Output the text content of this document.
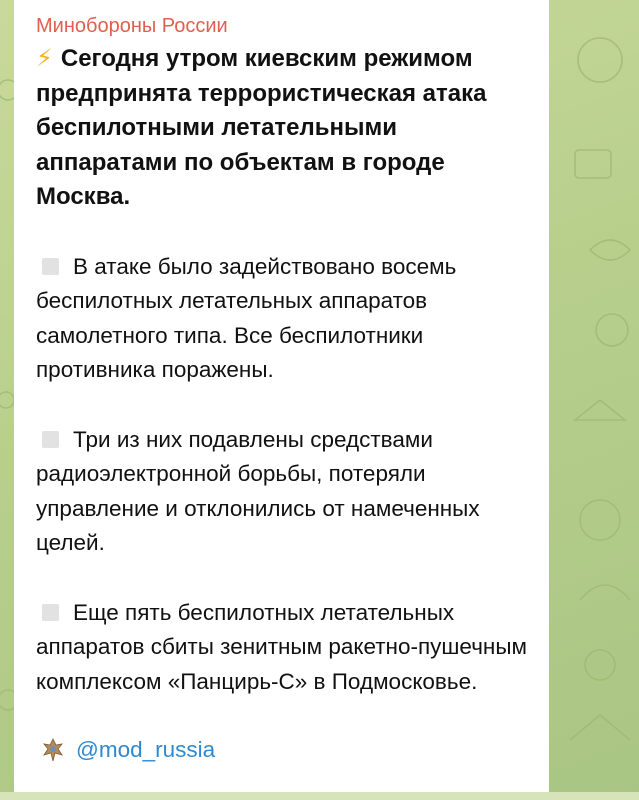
Минобороны России

⚡ Сегодня утром киевским режимом предпринята террористическая атака беспилотными летательными аппаратами по объектам в городе Москва.

В атаке было задействовано восемь беспилотных летательных аппаратов самолетного типа. Все беспилотники противника поражены.

Три из них подавлены средствами радиоэлектронной борьбы, потеряли управление и отклонились от намеченных целей.

Еще пять беспилотных летательных аппаратов сбиты зенитным ракетно-пушечным комплексом «Панцирь-С» в Подмосковье.

@mod_russia
